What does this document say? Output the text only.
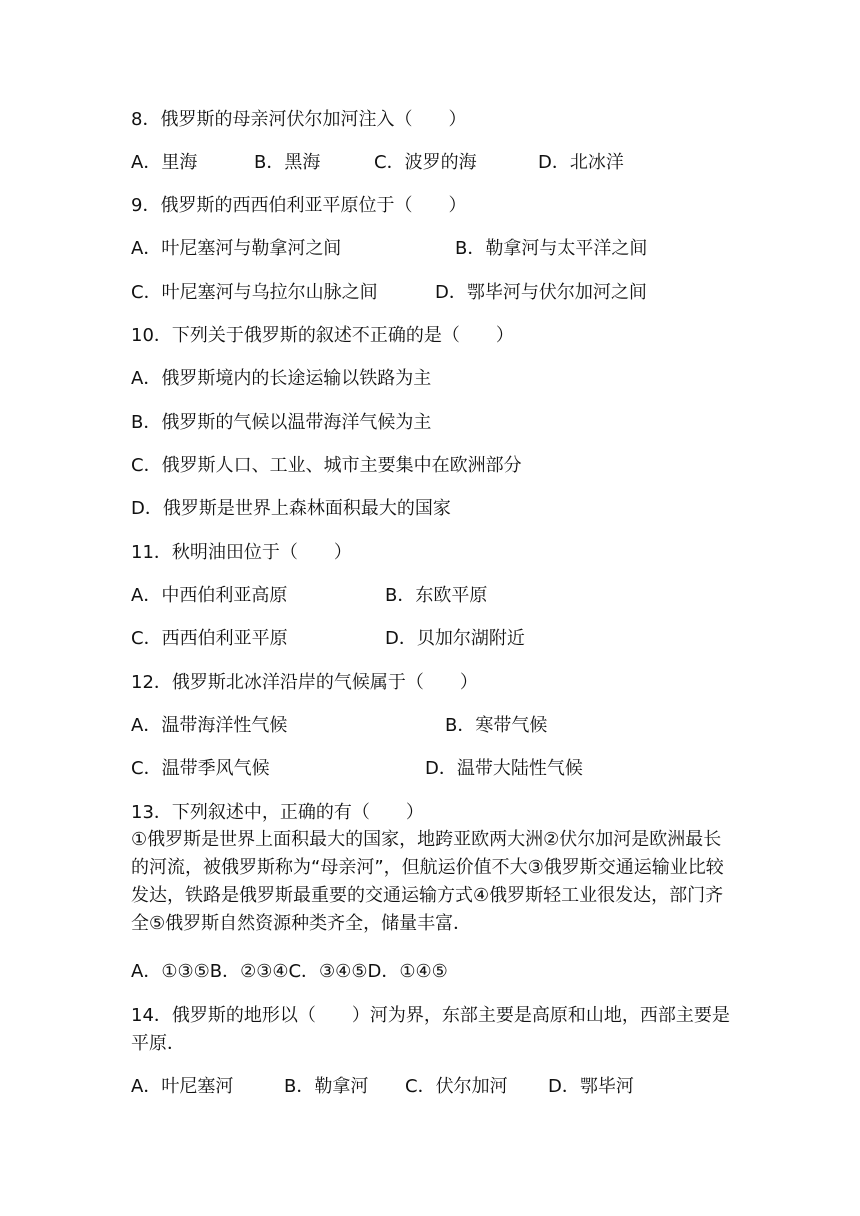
8．俄罗斯的母亲河伏尔加河注入（　　）
A．里海	B．黑海	C．波罗的海	D．北冰洋
9．俄罗斯的西西伯利亚平原位于（　　）
A．叶尼塞河与勒拿河之间	B．勒拿河与太平洋之间
C．叶尼塞河与乌拉尔山脉之间	D．鄂毕河与伏尔加河之间
10．下列关于俄罗斯的叙述不正确的是（　　）
A．俄罗斯境内的长途运输以铁路为主
B．俄罗斯的气候以温带海洋气候为主
C．俄罗斯人口、工业、城市主要集中在欧洲部分
D．俄罗斯是世界上森林面积最大的国家
11．秋明油田位于（　　）
A．中西伯利亚高原	B．东欧平原
C．西西伯利亚平原	D．贝加尔湖附近
12．俄罗斯北冰洋沿岸的气候属于（　　）
A．温带海洋性气候	B．寒带气候
C．温带季风气候	D．温带大陆性气候
13．下列叙述中，正确的有（　　）
①俄罗斯是世界上面积最大的国家，地跨亚欧两大洲②伏尔加河是欧洲最长的河流，被俄罗斯称为“母亲河”，但航运价值不大③俄罗斯交通运输业比较发达，铁路是俄罗斯最重要的交通运输方式④俄罗斯轻工业很发达，部门齐全⑤俄罗斯自然资源种类齐全，储量丰富．
A．①③⑤B．②③④C．③④⑤D．①④⑤
14．俄罗斯的地形以（　　）河为界，东部主要是高原和山地，西部主要是平原．
A．叶尼塞河	B．勒拿河 C．伏尔加河 D．鄂毕河
